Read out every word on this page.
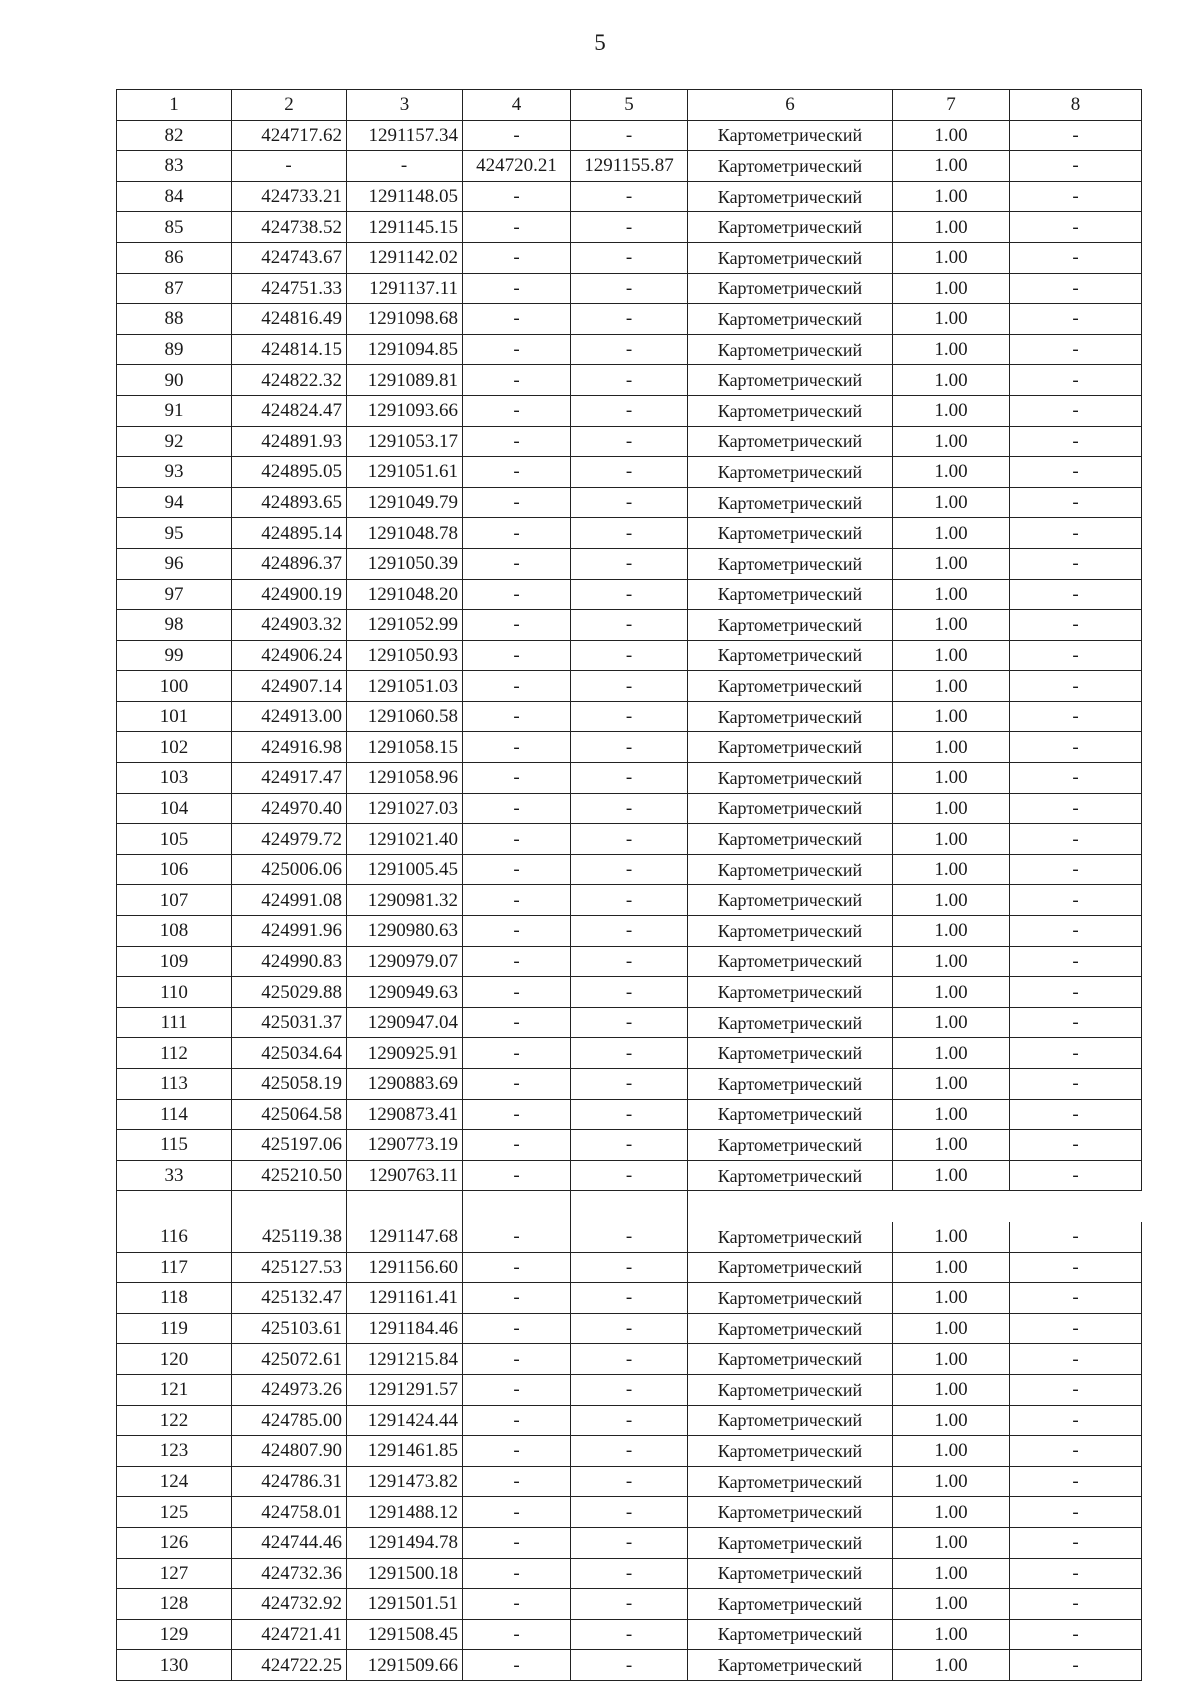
5
1	2	3	4	5	6	7	8
82	424717.62	1291157.34	-	-	Картометрический	1.00	-
83	-	-	424720.21	1291155.87	Картометрический	1.00	-
84	424733.21	1291148.05	-	-	Картометрический	1.00	-
85	424738.52	1291145.15	-	-	Картометрический	1.00	-
86	424743.67	1291142.02	-	-	Картометрический	1.00	-
87	424751.33	1291137.11	-	-	Картометрический	1.00	-
88	424816.49	1291098.68	-	-	Картометрический	1.00	-
89	424814.15	1291094.85	-	-	Картометрический	1.00	-
90	424822.32	1291089.81	-	-	Картометрический	1.00	-
91	424824.47	1291093.66	-	-	Картометрический	1.00	-
92	424891.93	1291053.17	-	-	Картометрический	1.00	-
93	424895.05	1291051.61	-	-	Картометрический	1.00	-
94	424893.65	1291049.79	-	-	Картометрический	1.00	-
95	424895.14	1291048.78	-	-	Картометрический	1.00	-
96	424896.37	1291050.39	-	-	Картометрический	1.00	-
97	424900.19	1291048.20	-	-	Картометрический	1.00	-
98	424903.32	1291052.99	-	-	Картометрический	1.00	-
99	424906.24	1291050.93	-	-	Картометрический	1.00	-
100	424907.14	1291051.03	-	-	Картометрический	1.00	-
101	424913.00	1291060.58	-	-	Картометрический	1.00	-
102	424916.98	1291058.15	-	-	Картометрический	1.00	-
103	424917.47	1291058.96	-	-	Картометрический	1.00	-
104	424970.40	1291027.03	-	-	Картометрический	1.00	-
105	424979.72	1291021.40	-	-	Картометрический	1.00	-
106	425006.06	1291005.45	-	-	Картометрический	1.00	-
107	424991.08	1290981.32	-	-	Картометрический	1.00	-
108	424991.96	1290980.63	-	-	Картометрический	1.00	-
109	424990.83	1290979.07	-	-	Картометрический	1.00	-
110	425029.88	1290949.63	-	-	Картометрический	1.00	-
111	425031.37	1290947.04	-	-	Картометрический	1.00	-
112	425034.64	1290925.91	-	-	Картометрический	1.00	-
113	425058.19	1290883.69	-	-	Картометрический	1.00	-
114	425064.58	1290873.41	-	-	Картометрический	1.00	-
115	425197.06	1290773.19	-	-	Картометрический	1.00	-
33	425210.50	1290763.11	-	-	Картометрический	1.00	-

116	425119.38	1291147.68	-	-	Картометрический	1.00	-
117	425127.53	1291156.60	-	-	Картометрический	1.00	-
118	425132.47	1291161.41	-	-	Картометрический	1.00	-
119	425103.61	1291184.46	-	-	Картометрический	1.00	-
120	425072.61	1291215.84	-	-	Картометрический	1.00	-
121	424973.26	1291291.57	-	-	Картометрический	1.00	-
122	424785.00	1291424.44	-	-	Картометрический	1.00	-
123	424807.90	1291461.85	-	-	Картометрический	1.00	-
124	424786.31	1291473.82	-	-	Картометрический	1.00	-
125	424758.01	1291488.12	-	-	Картометрический	1.00	-
126	424744.46	1291494.78	-	-	Картометрический	1.00	-
127	424732.36	1291500.18	-	-	Картометрический	1.00	-
128	424732.92	1291501.51	-	-	Картометрический	1.00	-
129	424721.41	1291508.45	-	-	Картометрический	1.00	-
130	424722.25	1291509.66	-	-	Картометрический	1.00	-
